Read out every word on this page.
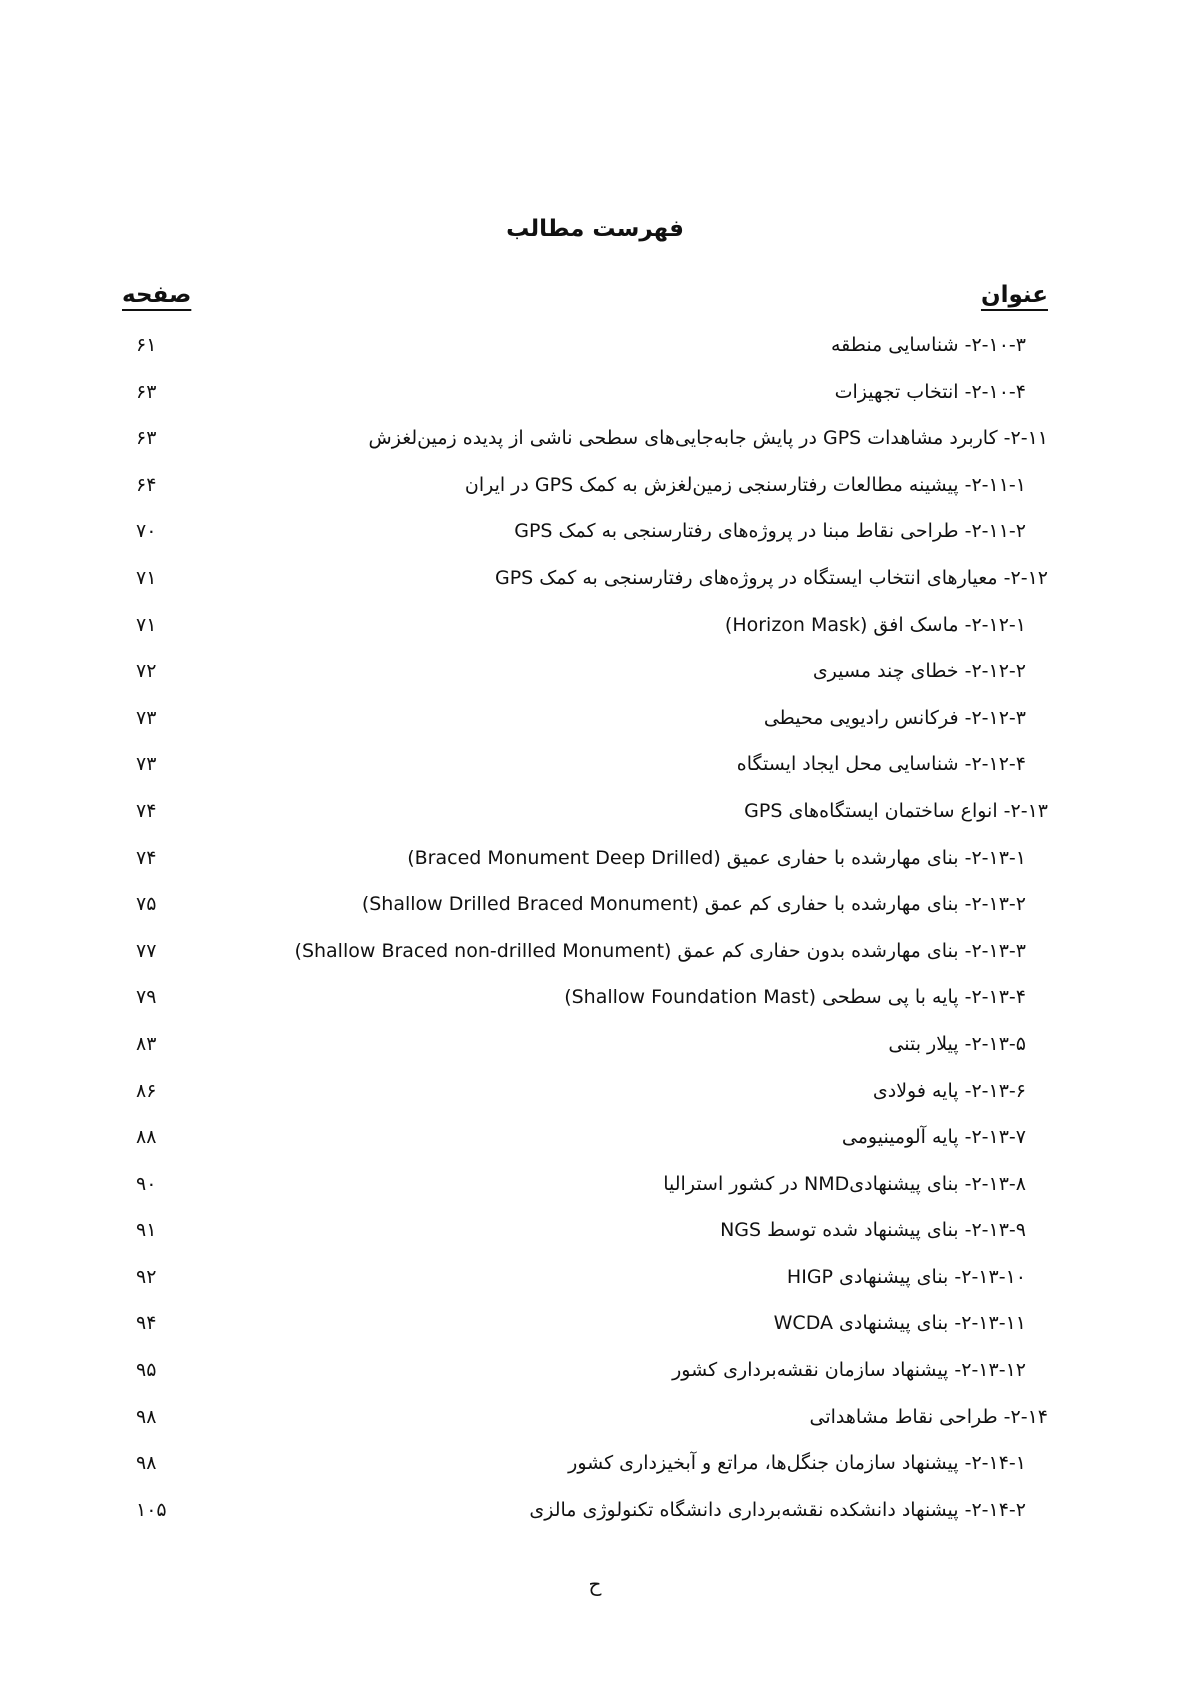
فهرست مطالب
عنوان
صفحه
۲-۱۰-۳- شناسایی منطقه
۶۱
۲-۱۰-۴- انتخاب تجهیزات
۶۳
۲-۱۱- کاربرد مشاهدات GPS در پایش جابه‌جایی‌های سطحی ناشی از پدیده زمین‌لغزش
۶۳
۲-۱۱-۱- پیشینه مطالعات رفتارسنجی زمین‌لغزش به کمک GPS در ایران
۶۴
۲-۱۱-۲- طراحی نقاط مبنا در پروژه‌های رفتارسنجی به کمک GPS
۷۰
۲-۱۲- معیارهای انتخاب ایستگاه در پروژه‌های رفتارسنجی به کمک GPS
۷۱
۲-۱۲-۱- ماسک افق (Horizon Mask)
۷۱
۲-۱۲-۲- خطای چند مسیری
۷۲
۲-۱۲-۳- فرکانس رادیویی محیطی
۷۳
۲-۱۲-۴- شناسایی محل ایجاد ایستگاه
۷۳
۲-۱۳- انواع ساختمان ایستگاه‌های GPS
۷۴
۲-۱۳-۱- بنای مهارشده با حفاری عمیق (Braced Monument Deep Drilled)
۷۴
۲-۱۳-۲- بنای مهارشده با حفاری کم عمق (Shallow Drilled Braced Monument)
۷۵
۲-۱۳-۳- بنای مهارشده بدون حفاری کم عمق (Shallow Braced non-drilled Monument)
۷۷
۲-۱۳-۴- پایه با پی سطحی (Shallow Foundation Mast)
۷۹
۲-۱۳-۵- پیلار بتنی
۸۳
۲-۱۳-۶- پایه فولادی
۸۶
۲-۱۳-۷- پایه آلومینیومی
۸۸
۲-۱۳-۸- بنای پیشنهادیNMD در کشور استرالیا
۹۰
۲-۱۳-۹- بنای پیشنهاد شده توسط NGS
۹۱
۲-۱۳-۱۰- بنای پیشنهادی HIGP
۹۲
۲-۱۳-۱۱- بنای پیشنهادی WCDA
۹۴
۲-۱۳-۱۲- پیشنهاد سازمان نقشه‌برداری کشور
۹۵
۲-۱۴- طراحی نقاط مشاهداتی
۹۸
۲-۱۴-۱- پیشنهاد سازمان جنگل‌ها، مراتع و آبخیزداری کشور
۹۸
۲-۱۴-۲- پیشنهاد دانشکده نقشه‌برداری دانشگاه تکنولوژی مالزی
۱۰۵
ح
